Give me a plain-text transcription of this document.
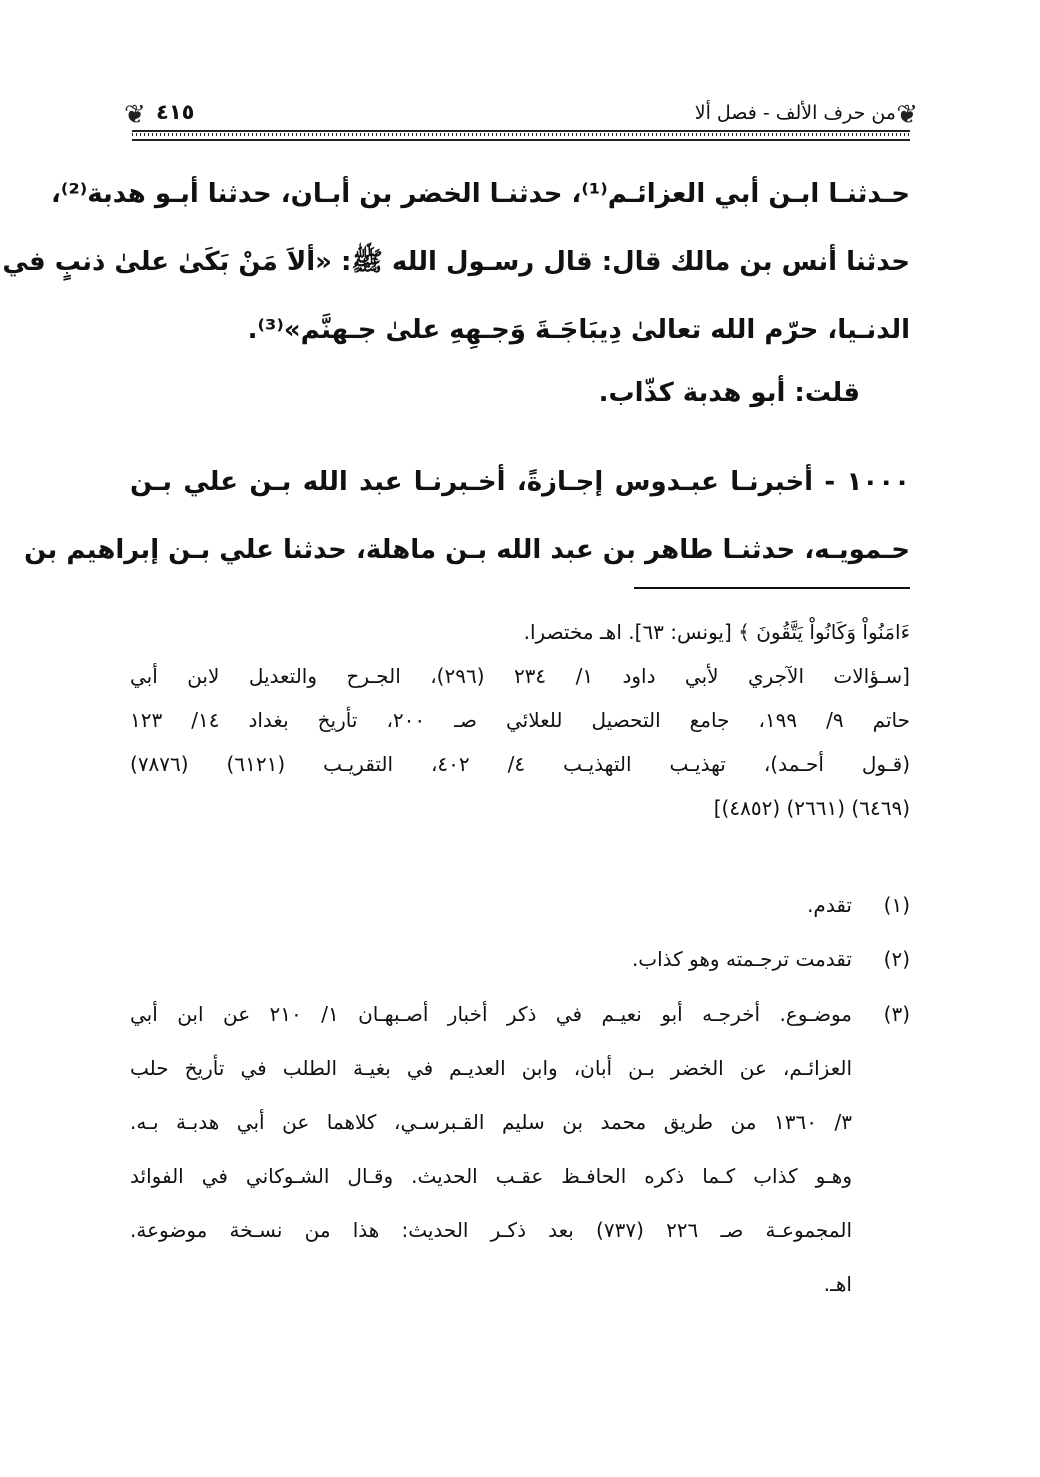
❦
من حرف الألف - فصل ألا
٤١٥
❦

حـدثنـا ابـن أبي العزائـم⁽¹⁾، حدثنـا الخضر بن أبـان، حدثنا أبـو هدبة⁽²⁾،

حدثنا أنس بن مالك قال: قال رسـول الله ﷺ: «ألاَ مَنْ بَكَىٰ علىٰ ذنبٍ في

الدنـيا، حرّم الله تعالىٰ دِيبَاجَـةَ وَجـهِهِ علىٰ جـهنَّم»⁽³⁾.

قلت: أبو هدبة كذّاب.

١٠٠٠ - أخبرنـا عبـدوس إجـازةً، أخـبرنـا عبد الله بـن علي بـن

حـمويـه، حدثنـا طاهر بن عبد الله بـن ماهلة، حدثنا علي بـن إبراهيم بن

ءَامَنُواْ وَكَانُواْ يَتَّقُونَ ﴾ [يونس: ٦٣]. اهـ مختصرا.

[سـؤالات الآجري لأبي داود ١/ ٢٣٤ (٢٩٦)، الجـرح والتعديل لابن أبي

حاتم ٩/ ١٩٩، جامع التحصيل للعلائي صـ ٢٠٠، تأريخ بغداد ١٤/ ١٢٣

(قـول أحـمد)، تهذيـب التهذيـب ٤/ ٤٠٢، التقريـب (٦١٢١) (٧٨٧٦)

(٦٤٦٩) (٢٦٦١) (٤٨٥٢)]

(١)

تقدم.

(٢)

تقدمت ترجـمته وهو كذاب.

(٣)

موضـوع. أخرجـه أبو نعيـم في ذكر أخبار أصـبهـان ١/ ٢١٠ عن ابن أبي

العزائـم، عن الخضر بـن أبان، وابن العديـم في بغيـة الطلب في تأريخ حلب

٣/ ١٣٦٠ من طريق محمد بن سليم القـبرسـي، كلاهما عن أبي هدبـة بـه.

وهـو كذاب كـما ذكره الحافـظ عقـب الحديث. وقـال الشـوكاني في الفوائد

المجموعـة صـ ٢٢٦ (٧٣٧) بعد ذكـر الحديث: هذا من نسـخة موضوعة.

اهـ.
